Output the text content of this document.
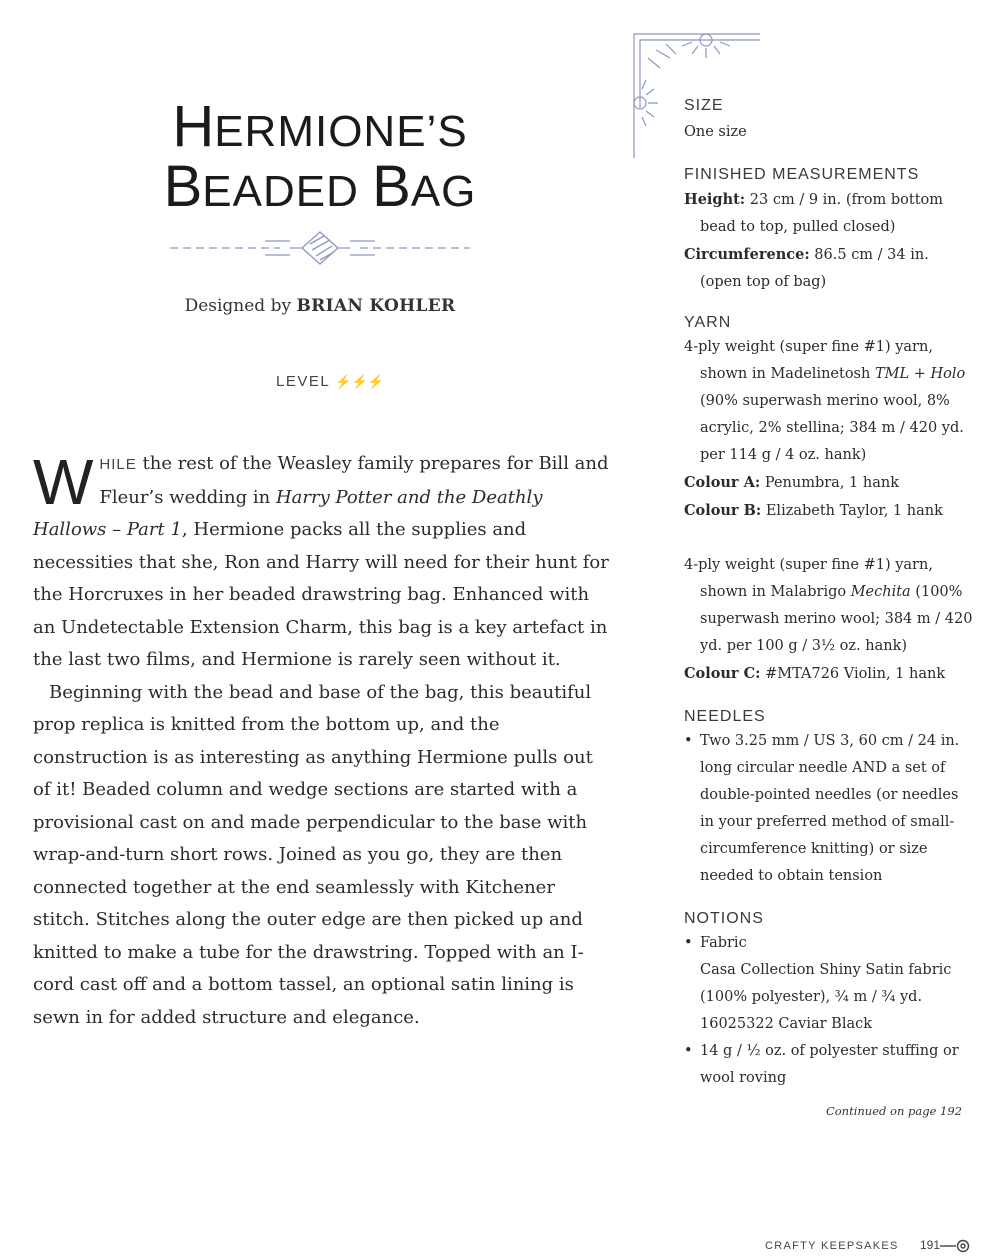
HERMIONE’S
BEADED BAG
Designed by BRIAN KOHLER
LEVEL ⚡⚡⚡

WHILE the rest of the Weasley family prepares for Bill and Fleur’s wedding in Harry Potter and the Deathly Hallows – Part 1, Hermione packs all the supplies and necessities that she, Ron and Harry will need for their hunt for the Horcruxes in her beaded drawstring bag. Enhanced with an Undetectable Extension Charm, this bag is a key artefact in the last two films, and Hermione is rarely seen without it.

Beginning with the bead and base of the bag, this beautiful prop replica is knitted from the bottom up, and the construction is as interesting as anything Hermione pulls out of it! Beaded column and wedge sections are started with a provisional cast on and made perpendicular to the base with wrap-and-turn short rows. Joined as you go, they are then connected together at the end seamlessly with Kitchener stitch. Stitches along the outer edge are then picked up and knitted to make a tube for the drawstring. Topped with an I-cord cast off and a bottom tassel, an optional satin lining is sewn in for added structure and elegance.

SIZE

One size

FINISHED MEASUREMENTS

Height: 23 cm / 9 in. (from bottom bead to top, pulled closed)

Circumference: 86.5 cm / 34 in. (open top of bag)

YARN

4-ply weight (super fine #1) yarn, shown in Madelinetosh TML + Holo (90% superwash merino wool, 8% acrylic, 2% stellina; 384 m / 420 yd. per 114 g / 4 oz. hank)

Colour A: Penumbra, 1 hank

Colour B: Elizabeth Taylor, 1 hank

4-ply weight (super fine #1) yarn, shown in Malabrigo Mechita (100% superwash merino wool; 384 m / 420 yd. per 100 g / 3½ oz. hank)

Colour C: #MTA726 Violin, 1 hank

NEEDLES

• Two 3.25 mm / US 3, 60 cm / 24 in. long circular needle AND a set of double-pointed needles (or needles in your preferred method of small-circumference knitting) or size needed to obtain tension

NOTIONS

• Fabric
Casa Collection Shiny Satin fabric (100% polyester), ¾ m / ¾ yd. 16025322 Caviar Black
• 14 g / ½ oz. of polyester stuffing or wool roving
Continued on page 192
CRAFTY KEEPSAKES 191
